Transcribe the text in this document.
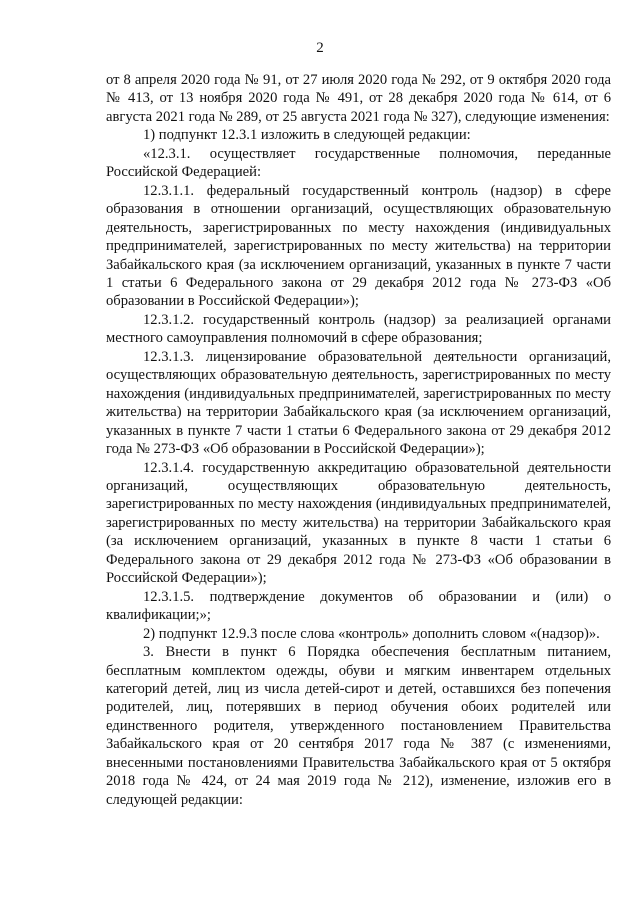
2

от 8 апреля 2020 года № 91, от 27 июля 2020 года № 292, от 9 октября 2020 года № 413, от 13 ноября 2020 года № 491, от 28 декабря 2020 года № 614, от 6 августа 2021 года № 289, от 25 августа 2021 года № 327), следующие изменения:

1) подпункт 12.3.1 изложить в следующей редакции:

«12.3.1. осуществляет государственные полномочия, переданные Российской Федерацией:

12.3.1.1. федеральный государственный контроль (надзор) в сфере образования в отношении организаций, осуществляющих образовательную деятельность, зарегистрированных по месту нахождения (индивидуальных предпринимателей, зарегистрированных по месту жительства) на территории Забайкальского края (за исключением организаций, указанных в пункте 7 части 1 статьи 6 Федерального закона от 29 декабря 2012 года № 273-ФЗ «Об образовании в Российской Федерации»);

12.3.1.2. государственный контроль (надзор) за реализацией органами местного самоуправления полномочий в сфере образования;

12.3.1.3. лицензирование образовательной деятельности организаций, осуществляющих образовательную деятельность, зарегистрированных по месту нахождения (индивидуальных предпринимателей, зарегистрированных по месту жительства) на территории Забайкальского края (за исключением организаций, указанных в пункте 7 части 1 статьи 6 Федерального закона от 29 декабря 2012 года № 273-ФЗ «Об образовании в Российской Федерации»);

12.3.1.4. государственную аккредитацию образовательной деятельности организаций, осуществляющих образовательную деятельность, зарегистрированных по месту нахождения (индивидуальных предпринимателей, зарегистрированных по месту жительства) на территории Забайкальского края (за исключением организаций, указанных в пункте 8 части 1 статьи 6 Федерального закона от 29 декабря 2012 года № 273-ФЗ «Об образовании в Российской Федерации»);

12.3.1.5. подтверждение документов об образовании и (или) о квалификации;»;

2) подпункт 12.9.3 после слова «контроль» дополнить словом «(надзор)».

3. Внести в пункт 6 Порядка обеспечения бесплатным питанием, бесплатным комплектом одежды, обуви и мягким инвентарем отдельных категорий детей, лиц из числа детей-сирот и детей, оставшихся без попечения родителей, лиц, потерявших в период обучения обоих родителей или единственного родителя, утвержденного постановлением Правительства Забайкальского края от 20 сентября 2017 года № 387 (с изменениями, внесенными постановлениями Правительства Забайкальского края от 5 октября 2018 года № 424, от 24 мая 2019 года № 212), изменение, изложив его в следующей редакции:
